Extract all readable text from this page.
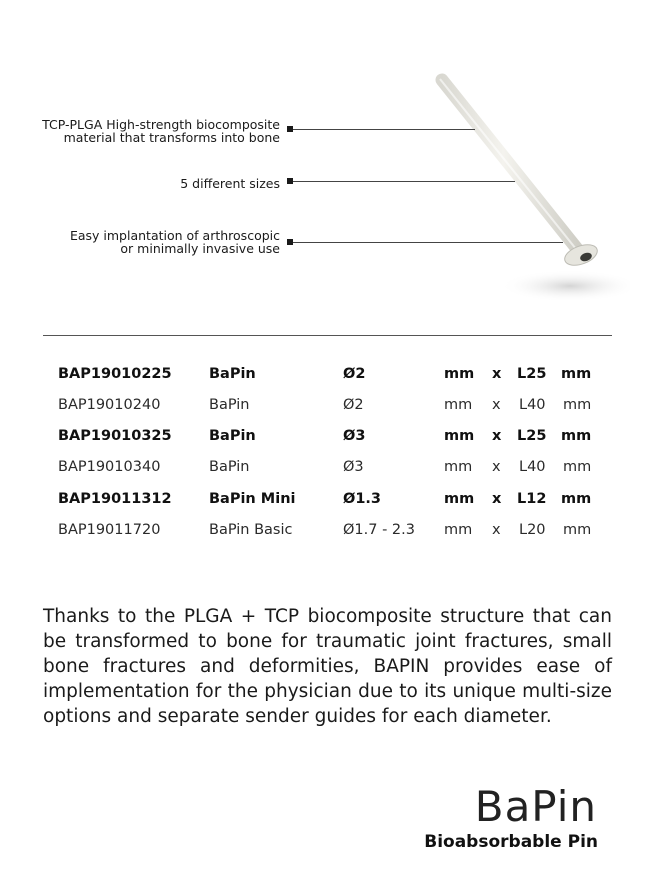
TCP-PLGA High-strength biocomposite
material that transforms into bone
5 different sizes
Easy implantation of arthroscopic
or minimally invasive use
BAP19010225	BaPin	Ø2	mm x L25 mm
BAP19010240	BaPin	Ø2	mm x L40 mm
BAP19010325	BaPin	Ø3	mm x L25 mm
BAP19010340	BaPin	Ø3	mm x L40 mm
BAP19011312	BaPin Mini	Ø1.3	mm x L12 mm
BAP19011720	BaPin Basic	Ø1.7 - 2.3 mm x L20 mm

Thanks to the PLGA + TCP biocomposite structure that can be transformed to bone for traumatic joint fractures, small bone fractures and deformities, BAPIN provides ease of implementation for the physician due to its unique multi-size options and separate sender guides for each diameter.

BaPin
Bioabsorbable Pin
